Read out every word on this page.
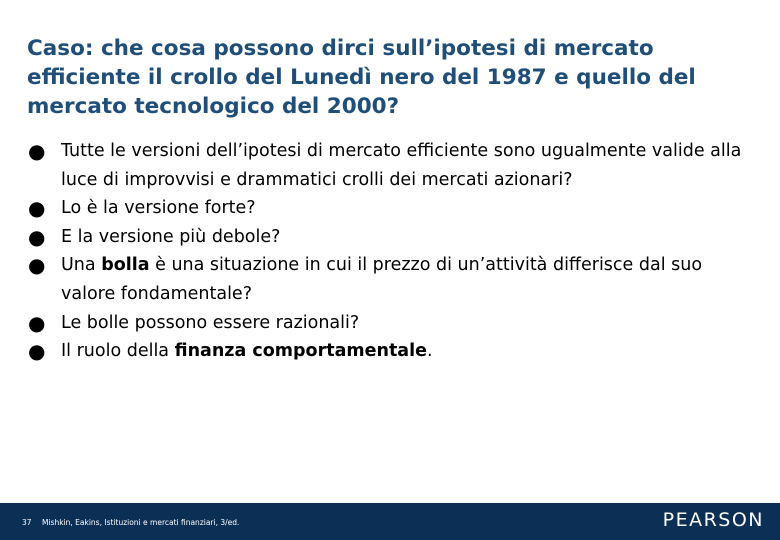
Caso: che cosa possono dirci sull’ipotesi di mercato efficiente il crollo del Lunedì nero del 1987 e quello del mercato tecnologico del 2000?
● Tutte le versioni dell’ipotesi di mercato efficiente sono ugualmente valide alla luce di improvvisi e drammatici crolli dei mercati azionari?
● Lo è la versione forte?
● E la versione più debole?
● Una bolla è una situazione in cui il prezzo di un’attività differisce dal suo valore fondamentale?
● Le bolle possono essere razionali?
● Il ruolo della finanza comportamentale.
37 Mishkin, Eakins, Istituzioni e mercati finanziari, 3/ed.	PEARSON
